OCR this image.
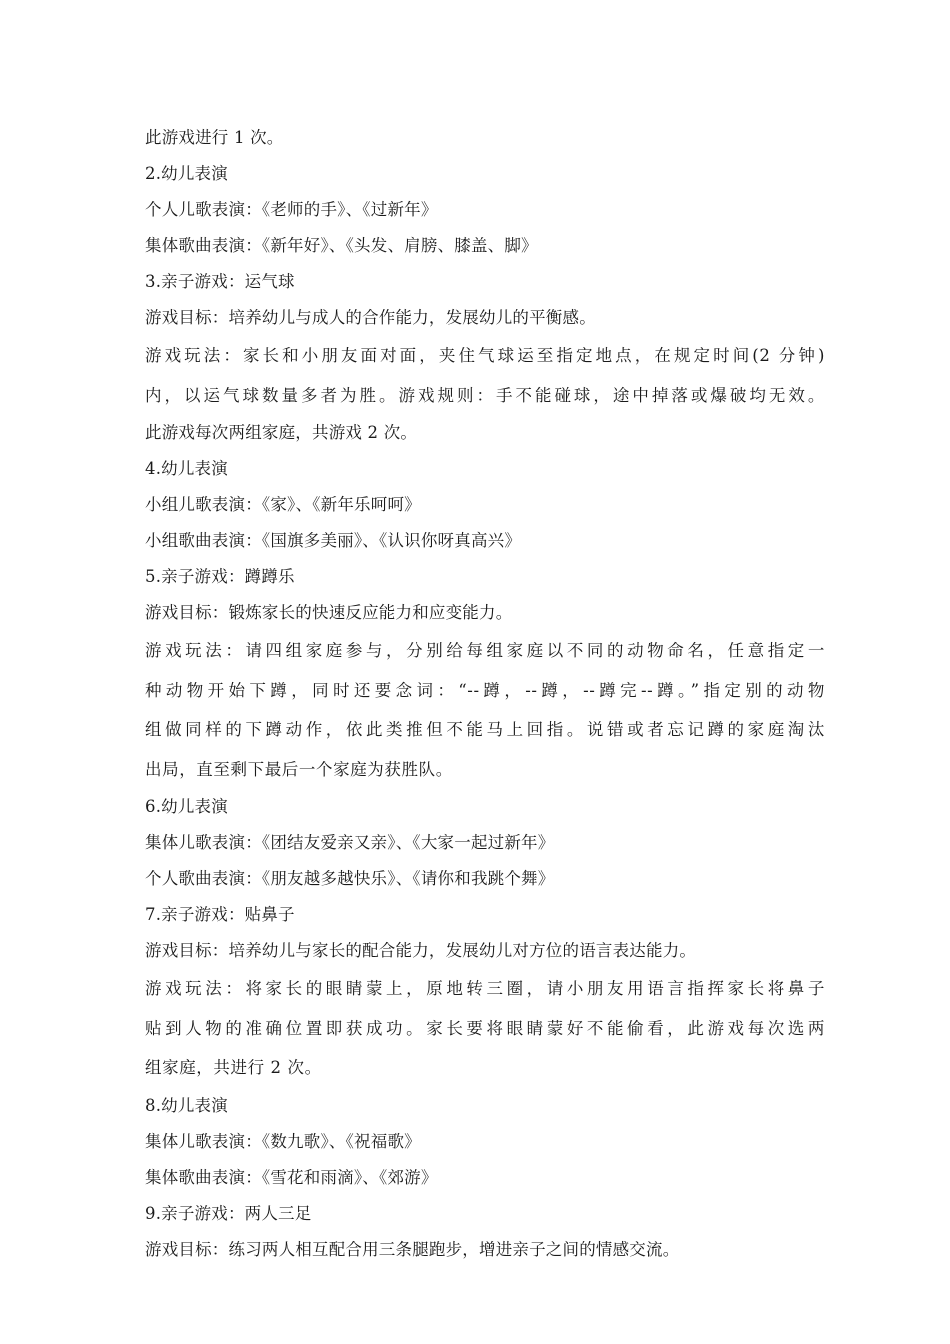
此游戏进行 1 次。
2.幼儿表演
个人儿歌表演：《老师的手》、《过新年》
集体歌曲表演：《新年好》、《头发、肩膀、膝盖、脚》
3.亲子游戏：运气球
游戏目标：培养幼儿与成人的合作能力，发展幼儿的平衡感。
游戏玩法：家长和小朋友面对面，夹住气球运至指定地点，在规定时间(2 分钟)
内，以运气球数量多者为胜。游戏规则：手不能碰球，途中掉落或爆破均无效。
此游戏每次两组家庭，共游戏 2 次。
4.幼儿表演
小组儿歌表演：《家》、《新年乐呵呵》
小组歌曲表演：《国旗多美丽》、《认识你呀真高兴》
5.亲子游戏：蹲蹲乐
游戏目标：锻炼家长的快速反应能力和应变能力。
游戏玩法：请四组家庭参与，分别给每组家庭以不同的动物命名，任意指定一
种动物开始下蹲，同时还要念词：“--蹲，--蹲，--蹲完--蹲。”指定别的动物
组做同样的下蹲动作，依此类推但不能马上回指。说错或者忘记蹲的家庭淘汰
出局，直至剩下最后一个家庭为获胜队。
6.幼儿表演
集体儿歌表演：《团结友爱亲又亲》、《大家一起过新年》
个人歌曲表演：《朋友越多越快乐》、《请你和我跳个舞》
7.亲子游戏：贴鼻子
游戏目标：培养幼儿与家长的配合能力，发展幼儿对方位的语言表达能力。
游戏玩法：将家长的眼睛蒙上，原地转三圈，请小朋友用语言指挥家长将鼻子
贴到人物的准确位置即获成功。家长要将眼睛蒙好不能偷看，此游戏每次选两
组家庭，共进行 2 次。
8.幼儿表演
集体儿歌表演：《数九歌》、《祝福歌》
集体歌曲表演：《雪花和雨滴》、《郊游》
9.亲子游戏：两人三足
游戏目标：练习两人相互配合用三条腿跑步，增进亲子之间的情感交流。
